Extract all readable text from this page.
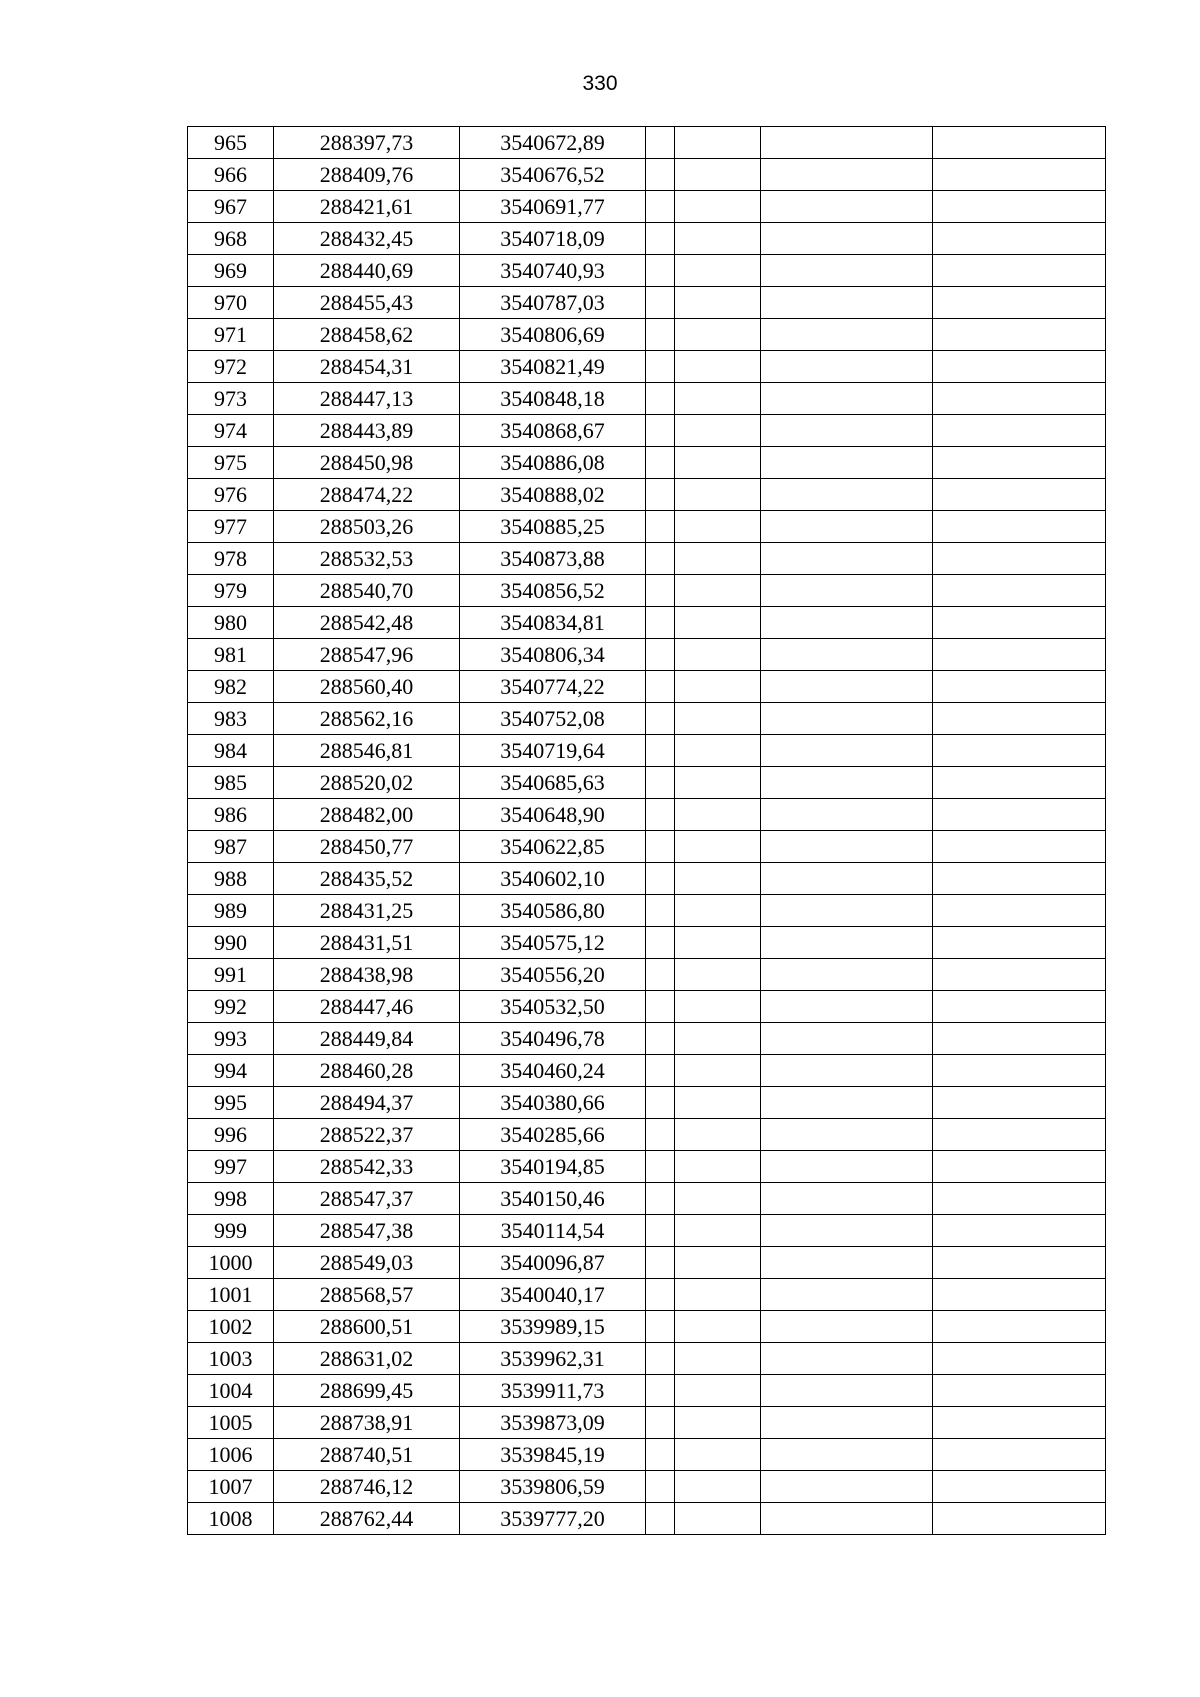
330
965	288397,73	3540672,89				
966	288409,76	3540676,52				
967	288421,61	3540691,77				
968	288432,45	3540718,09				
969	288440,69	3540740,93				
970	288455,43	3540787,03				
971	288458,62	3540806,69				
972	288454,31	3540821,49				
973	288447,13	3540848,18				
974	288443,89	3540868,67				
975	288450,98	3540886,08				
976	288474,22	3540888,02				
977	288503,26	3540885,25				
978	288532,53	3540873,88				
979	288540,70	3540856,52				
980	288542,48	3540834,81				
981	288547,96	3540806,34				
982	288560,40	3540774,22				
983	288562,16	3540752,08				
984	288546,81	3540719,64				
985	288520,02	3540685,63				
986	288482,00	3540648,90				
987	288450,77	3540622,85				
988	288435,52	3540602,10				
989	288431,25	3540586,80				
990	288431,51	3540575,12				
991	288438,98	3540556,20				
992	288447,46	3540532,50				
993	288449,84	3540496,78				
994	288460,28	3540460,24				
995	288494,37	3540380,66				
996	288522,37	3540285,66				
997	288542,33	3540194,85				
998	288547,37	3540150,46				
999	288547,38	3540114,54				
1000	288549,03	3540096,87				
1001	288568,57	3540040,17				
1002	288600,51	3539989,15				
1003	288631,02	3539962,31				
1004	288699,45	3539911,73				
1005	288738,91	3539873,09				
1006	288740,51	3539845,19				
1007	288746,12	3539806,59				
1008	288762,44	3539777,20				
